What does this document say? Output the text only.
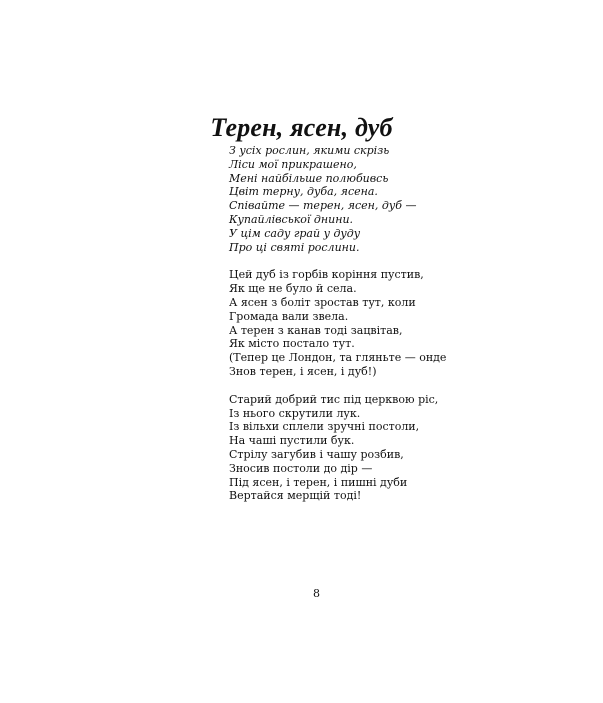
Терен, ясен, дуб
З усіх рослин, якими скрізь
Ліси мої прикрашено,
Мені найбільше полюбивсь
Цвіт терну, дуба, ясена.
Співайте — терен, ясен, дуб —
Купайлівської днини.
У цім саду грай у дуду
Про ці святі рослини.
Цей дуб із горбів коріння пустив,
Як ще не було й села.
А ясен з боліт зростав тут, коли
Громада вали звела.
А терен з канав тоді зацвітав,
Як місто постало тут.
(Тепер це Лондон, та гляньте — онде
Знов терен, і ясен, і дуб!)
Старий добрий тис під церквою ріс,
Із нього скрутили лук.
Із вільхи сплели зручні постоли,
На чаші пустили бук.
Стрілу загубив і чашу розбив,
Зносив постоли до дір —
Під ясен, і терен, і пишні дуби
Вертайся мерщій тоді!
8
